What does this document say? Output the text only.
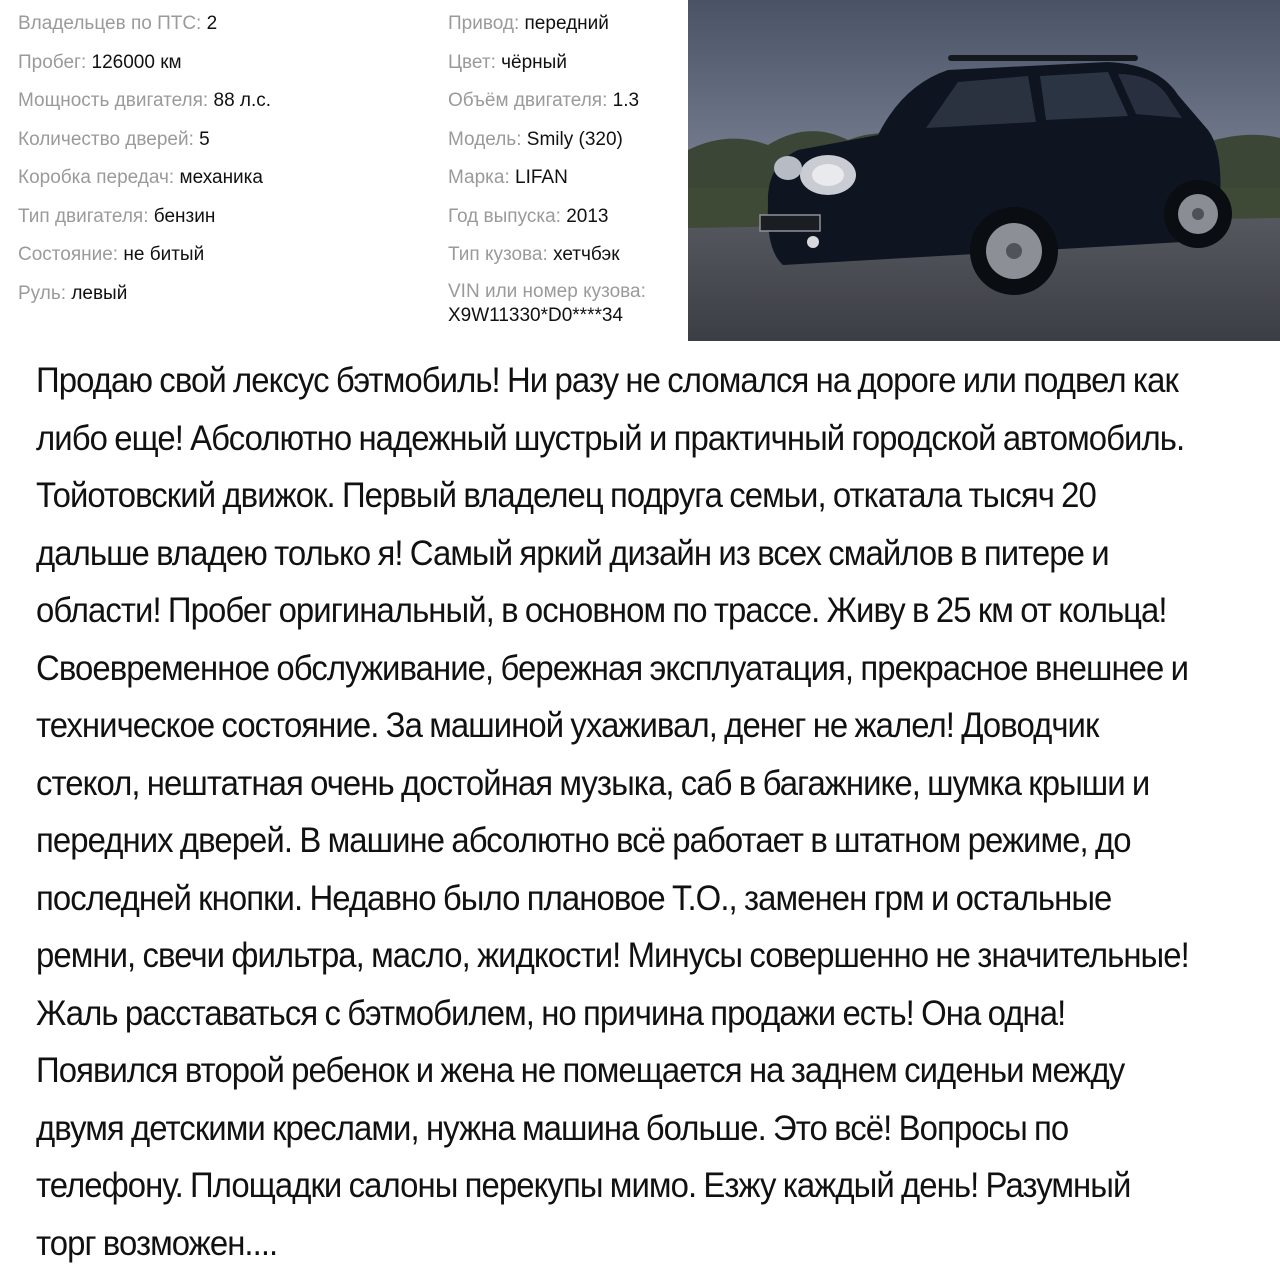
Владельцев по ПТС: 2
Пробег: 126000 км
Мощность двигателя: 88 л.с.
Количество дверей: 5
Коробка передач: механика
Тип двигателя: бензин
Состояние: не битый
Руль: левый
Привод: передний
Цвет: чёрный
Объём двигателя: 1.3
Модель: Smily (320)
Марка: LIFAN
Год выпуска: 2013
Тип кузова: хетчбэк
VIN или номер кузова:
X9W11330*D0****34

Продаю свой лексус бэтмобиль! Ни разу не сломался на дороге или подвел как либо еще! Абсолютно надежный шустрый и практичный городской автомобиль. Тойотовский движок. Первый владелец подруга семьи, откатала тысяч 20 дальше владею только я! Самый яркий дизайн из всех смайлов в питере и области! Пробег оригинальный, в основном по трассе. Живу в 25 км от кольца!Своевременное обслуживание, бережная эксплуатация, прекрасное внешнее и техническое состояние. За машиной ухаживал, денег не жалел! Доводчик стекол, нештатная очень достойная музыка, саб в багажнике, шумка крыши и передних дверей. В машине абсолютно всё работает в штатном режиме, до последней кнопки. Недавно было плановое Т.О., заменен грм и остальные ремни, свечи фильтра, масло, жидкости! Минусы совершенно не значительные! Жаль расставаться с бэтмобилем, но причина продажи есть! Она одна! Появился второй ребенок и жена не помещается на заднем сиденьи между двумя детскими креслами, нужна машина больше. Это всё! Вопросы по телефону. Площадки салоны перекупы мимо. Езжу каждый день! Разумный торг возможен....
